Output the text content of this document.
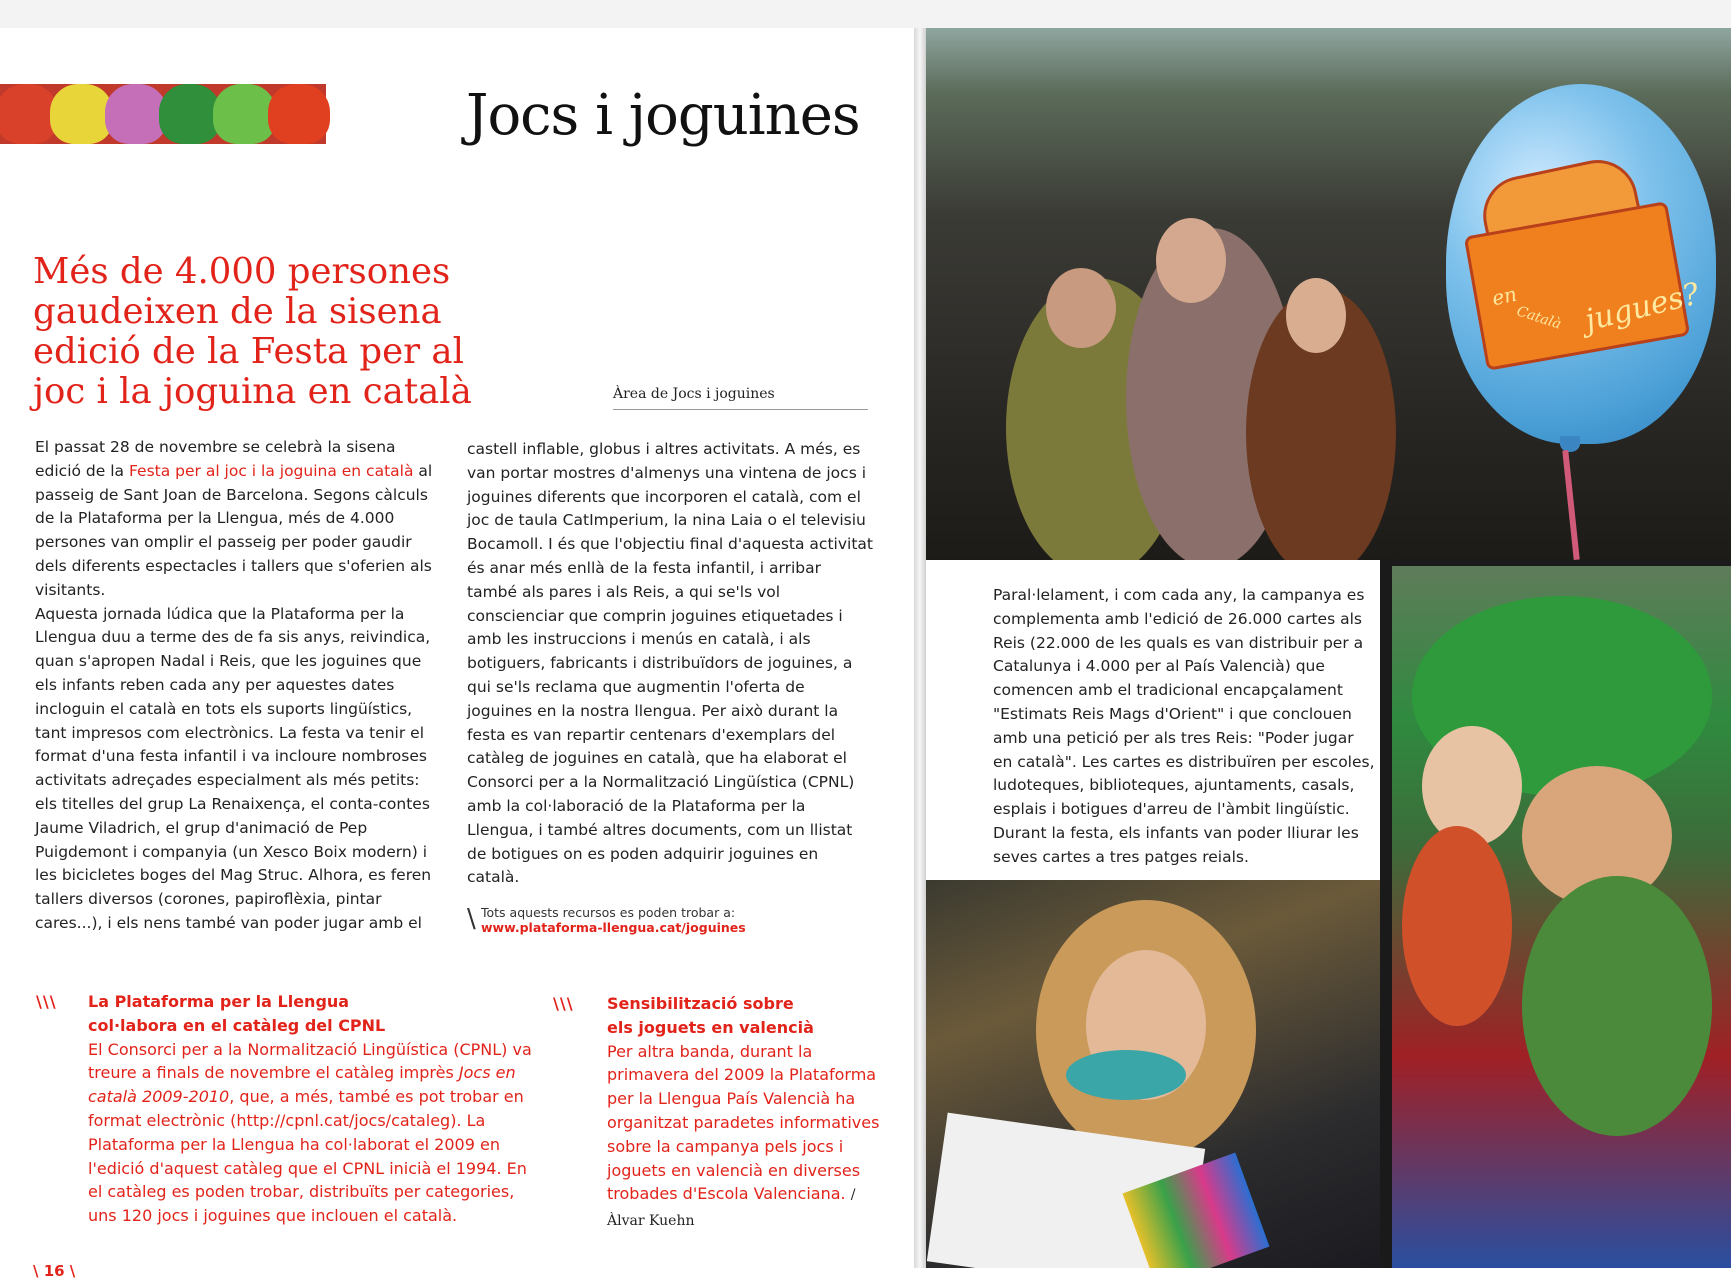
Jocs i joguines
Més de 4.000 persones gaudeixen de la sisena edició de la Festa per al joc i la joguina en català	Àrea de Jocs i joguines
El passat 28 de novembre se celebrà la sisena edició de la Festa per al joc i la joguina en català al passeig de Sant Joan de Barcelona. Segons càlculs de la Plataforma per la Llengua, més de 4.000 persones van omplir el passeig per poder gaudir dels diferents espectacles i tallers que s'oferien als visitants.
Aquesta jornada lúdica que la Plataforma per la Llengua duu a terme des de fa sis anys, reivindica, quan s'apropen Nadal i Reis, que les joguines que els infants reben cada any per aquestes dates incloguin el català en tots els suports lingüístics, tant impresos com electrònics. La festa va tenir el format d'una festa infantil i va incloure nombroses activitats adreçades especialment als més petits: els titelles del grup La Renaixença, el conta-contes Jaume Viladrich, el grup d'animació de Pep Puigdemont i companyia (un Xesco Boix modern) i les bicicletes boges del Mag Struc. Alhora, es feren tallers diversos (corones, papiroflèxia, pintar cares...), i els nens també van poder jugar amb el
castell inflable, globus i altres activitats. A més, es van portar mostres d'almenys una vintena de jocs i joguines diferents que incorporen el català, com el joc de taula CatImperium, la nina Laia o el televisiu Bocamoll. I és que l'objectiu final d'aquesta activitat és anar més enllà de la festa infantil, i arribar també als pares i als Reis, a qui se'ls vol conscienciar que comprin joguines etiquetades i amb les instruccions i menús en català, i als botiguers, fabricants i distribuïdors de joguines, a qui se'ls reclama que augmentin l'oferta de joguines en la nostra llengua. Per això durant la festa es van repartir centenars d'exemplars del catàleg de joguines en català, que ha elaborat el Consorci per a la Normalització Lingüística (CPNL) amb la col·laboració de la Plataforma per la Llengua, i també altres documents, com un llistat de botigues on es poden adquirir joguines en català.
\ Tots aquests recursos es poden trobar a:
www.plataforma-llengua.cat/joguines
\\\ La Plataforma per la Llengua

col·labora en el catàleg del CPNL

El Consorci per a la Normalització Lingüística (CPNL) va treure a finals de novembre el catàleg imprès Jocs en català 2009-2010, que, a més, també es pot trobar en format electrònic (http://cpnl.cat/jocs/cataleg). La Plataforma per la Llengua ha col·laborat el 2009 en l'edició d'aquest catàleg que el CPNL inicià el 1994. En el catàleg es poden trobar, distribuïts per categories, uns 120 jocs i joguines que inclouen el català.

\\\ Sensibilització sobre

els joguets en valencià

Per altra banda, durant la primavera del 2009 la Plataforma per la Llengua País Valencià ha organitzat paradetes informatives sobre la campanya pels jocs i joguets en valencià en diverses trobades d'Escola Valenciana. / Àlvar Kuehn

\ 16 \
en jugues?
Català

Paral·lelament, i com cada any, la campanya es complementa amb l'edició de 26.000 cartes als Reis (22.000 de les quals es van distribuir per a Catalunya i 4.000 per al País Valencià) que comencen amb el tradicional encapçalament "Estimats Reis Mags d'Orient" i que conclouen amb una petició per als tres Reis: "Poder jugar en català". Les cartes es distribuïren per escoles, ludoteques, biblioteques, ajuntaments, casals, esplais i botigues d'arreu de l'àmbit lingüístic. Durant la festa, els infants van poder lliurar les seves cartes a tres patges reials.
